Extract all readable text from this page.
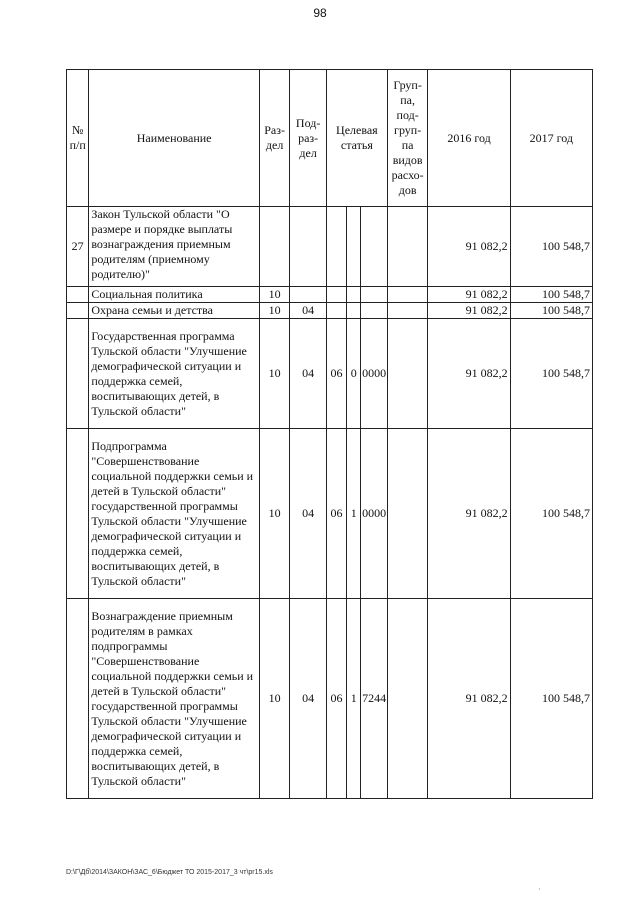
98
№ п/п	Наименование	Раз-дел	Под-раз-дел	Целевая статья			Груп-па, под-груп-па видов расхо-дов	2016 год	2017 год
27	Закон Тульской области "О размере и порядке выплаты вознаграждения приемным родителям (приемному родителю)"							91 082,2	100 548,7
	Социальная политика	10						91 082,2	100 548,7
	Охрана семьи и детства	10	04					91 082,2	100 548,7
	Государственная программа Тульской области "Улучшение демографической ситуации и поддержка семей, воспитывающих детей, в Тульской области"	10	04	06	0	0000		91 082,2	100 548,7
	Подпрограмма "Совершенствование социальной поддержки семьи и детей в Тульской области" государственной программы Тульской области "Улучшение демографической ситуации и поддержка семей, воспитывающих детей, в Тульской области"	10	04	06	1	0000		91 082,2	100 548,7
	Вознаграждение приемным родителям в рамках подпрограммы "Совершенствование социальной поддержки семьи и детей в Тульской области" государственной программы Тульской области "Улучшение демографической ситуации и поддержка семей, воспитывающих детей, в Тульской области"	10	04	06	1	7244		91 082,2	100 548,7
D:\Г\Дб\2014\ЗАКОН\ЗАС_6\Бюджет ТО 2015-2017_3 чт\pr15.xls
·
